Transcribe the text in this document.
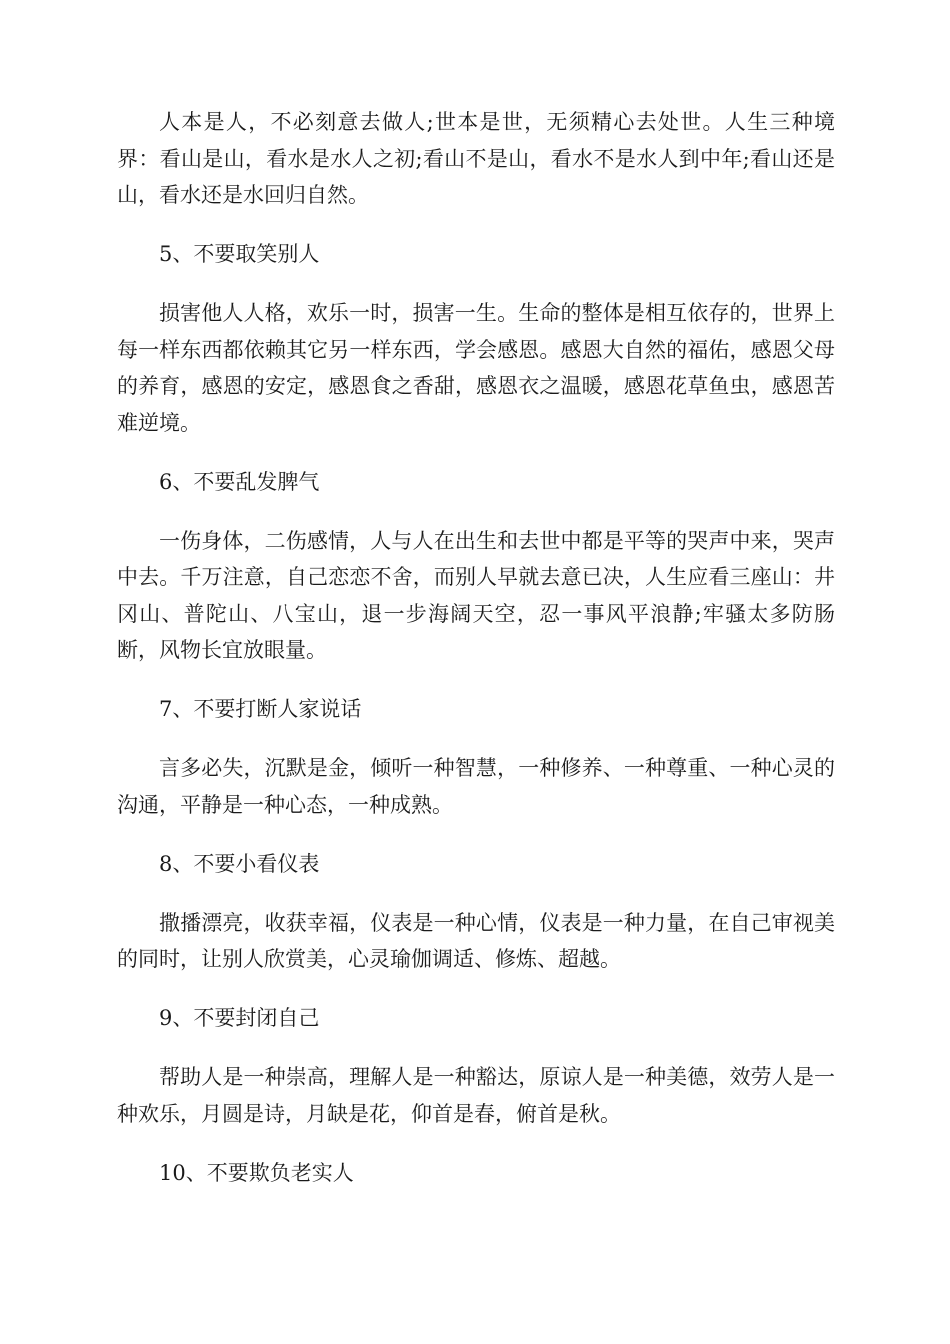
人本是人，不必刻意去做人;世本是世，无须精心去处世。人生三种境界：看山是山，看水是水人之初;看山不是山，看水不是水人到中年;看山还是山，看水还是水回归自然。

5、不要取笑别人

损害他人人格，欢乐一时，损害一生。生命的整体是相互依存的，世界上每一样东西都依赖其它另一样东西，学会感恩。感恩大自然的福佑，感恩父母的养育，感恩的安定，感恩食之香甜，感恩衣之温暖，感恩花草鱼虫，感恩苦难逆境。

6、不要乱发脾气

一伤身体，二伤感情，人与人在出生和去世中都是平等的哭声中来，哭声中去。千万注意，自己恋恋不舍，而别人早就去意已决，人生应看三座山：井冈山、普陀山、八宝山，退一步海阔天空，忍一事风平浪静;牢骚太多防肠断，风物长宜放眼量。

7、不要打断人家说话

言多必失，沉默是金，倾听一种智慧，一种修养、一种尊重、一种心灵的沟通，平静是一种心态，一种成熟。

8、不要小看仪表

撒播漂亮，收获幸福，仪表是一种心情，仪表是一种力量，在自己审视美的同时，让别人欣赏美，心灵瑜伽调适、修炼、超越。

9、不要封闭自己

帮助人是一种崇高，理解人是一种豁达，原谅人是一种美德，效劳人是一种欢乐，月圆是诗，月缺是花，仰首是春，俯首是秋。

10、不要欺负老实人
